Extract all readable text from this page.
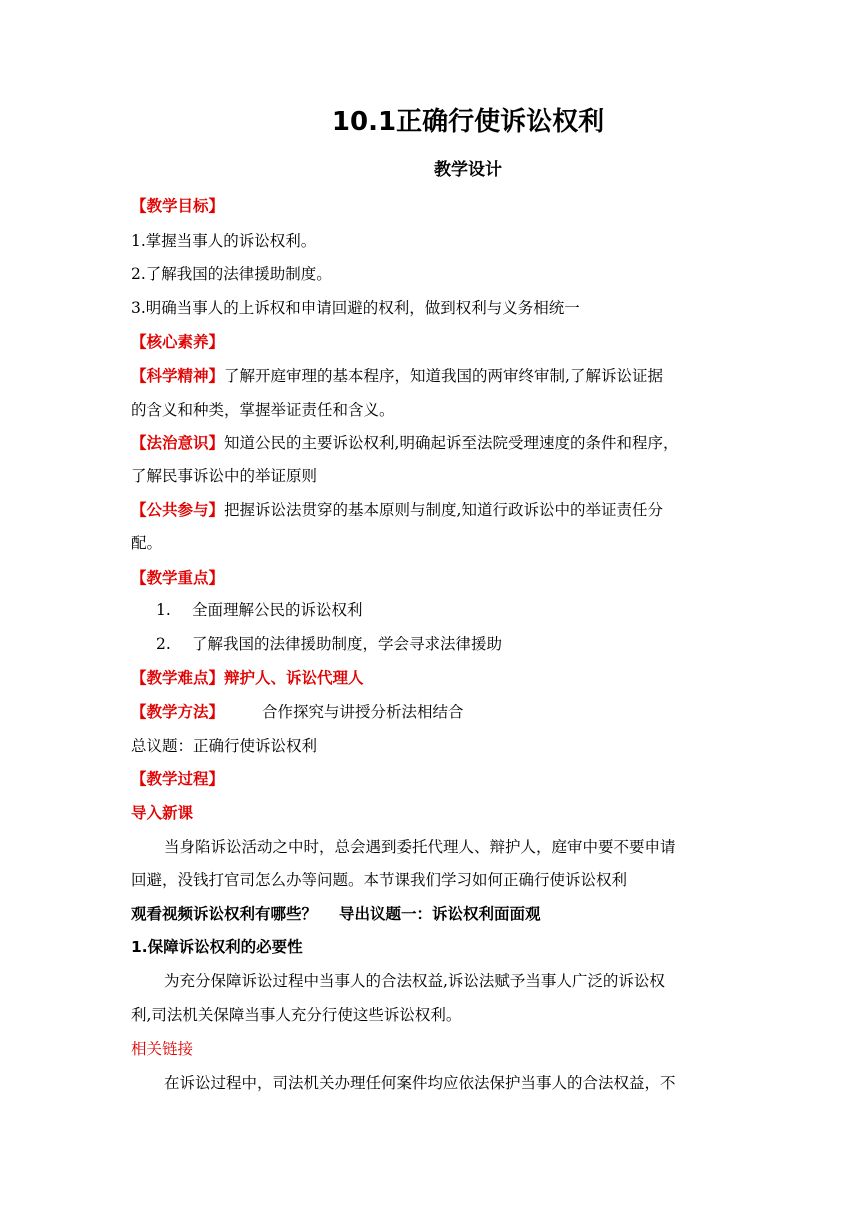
10.1正确行使诉讼权利
教学设计
【教学目标】
1.掌握当事人的诉讼权利。
2.了解我国的法律援助制度。
3.明确当事人的上诉权和申请回避的权利，做到权利与义务相统一
【核心素养】
【科学精神】了解开庭审理的基本程序，知道我国的两审终审制,了解诉讼证据
的含义和种类，掌握举证责任和含义。
【法治意识】知道公民的主要诉讼权利,明确起诉至法院受理速度的条件和程序，
了解民事诉讼中的举证原则
【公共参与】把握诉讼法贯穿的基本原则与制度,知道行政诉讼中的举证责任分
配。
【教学重点】
1. 全面理解公民的诉讼权利
2. 了解我国的法律援助制度，学会寻求法律援助
【教学难点】辩护人、诉讼代理人
【教学方法】 合作探究与讲授分析法相结合
总议题：正确行使诉讼权利
【教学过程】
导入新课
当身陷诉讼活动之中时，总会遇到委托代理人、辩护人，庭审中要不要申请
回避，没钱打官司怎么办等问题。本节课我们学习如何正确行使诉讼权利
观看视频诉讼权利有哪些？ 导出议题一：诉讼权利面面观
1.保障诉讼权利的必要性
为充分保障诉讼过程中当事人的合法权益,诉讼法赋予当事人广泛的诉讼权
利,司法机关保障当事人充分行使这些诉讼权利。
相关链接
在诉讼过程中，司法机关办理任何案件均应依法保护当事人的合法权益，不
